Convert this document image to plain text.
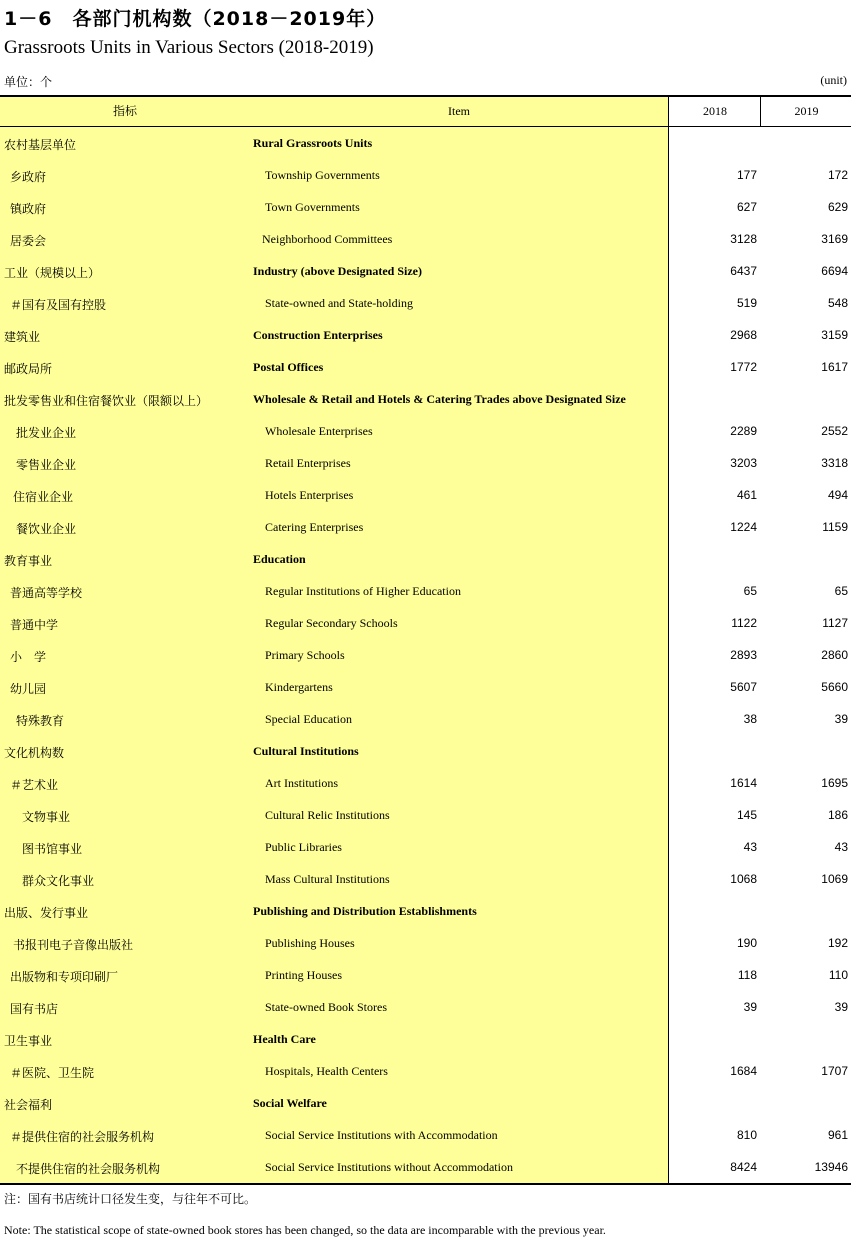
1－6　各部门机构数（2018－2019年）
Grassroots Units in Various Sectors (2018-2019)
单位：个	(unit)
指标	Item	2018	2019
农村基层单位	Rural Grassroots Units
乡政府	Township Governments	177	172
镇政府	Town Governments	627	629
居委会	Neighborhood Committees	3128	3169
工业（规模以上）	Industry (above Designated Size)	6437	6694
＃国有及国有控股	State-owned and State-holding	519	548
建筑业	Construction Enterprises	2968	3159
邮政局所	Postal Offices	1772	1617
批发零售业和住宿餐饮业（限额以上）	Wholesale & Retail and Hotels & Catering Trades above Designated Size
批发业企业	Wholesale Enterprises	2289	2552
零售业企业	Retail Enterprises	3203	3318
住宿业企业	Hotels Enterprises	461	494
餐饮业企业	Catering Enterprises	1224	1159
教育事业	Education
普通高等学校	Regular Institutions of Higher Education	65	65
普通中学	Regular Secondary Schools	1122	1127
小　学	Primary Schools	2893	2860
幼儿园	Kindergartens	5607	5660
特殊教育	Special Education	38	39
文化机构数	Cultural Institutions
＃艺术业	Art Institutions	1614	1695
文物事业	Cultural Relic Institutions	145	186
图书馆事业	Public Libraries	43	43
群众文化事业	Mass Cultural Institutions	1068	1069
出版、发行事业	Publishing and Distribution Establishments
书报刊电子音像出版社	Publishing Houses	190	192
出版物和专项印刷厂	Printing Houses	118	110
国有书店	State-owned Book Stores	39	39
卫生事业	Health Care
＃医院、卫生院	Hospitals, Health Centers	1684	1707
社会福利	Social Welfare
＃提供住宿的社会服务机构	Social Service Institutions with Accommodation	810	961
不提供住宿的社会服务机构	Social Service Institutions without Accommodation	8424	13946
注：国有书店统计口径发生变，与往年不可比。
Note: The statistical scope of state-owned book stores has been changed, so the data are incomparable with the previous year.
